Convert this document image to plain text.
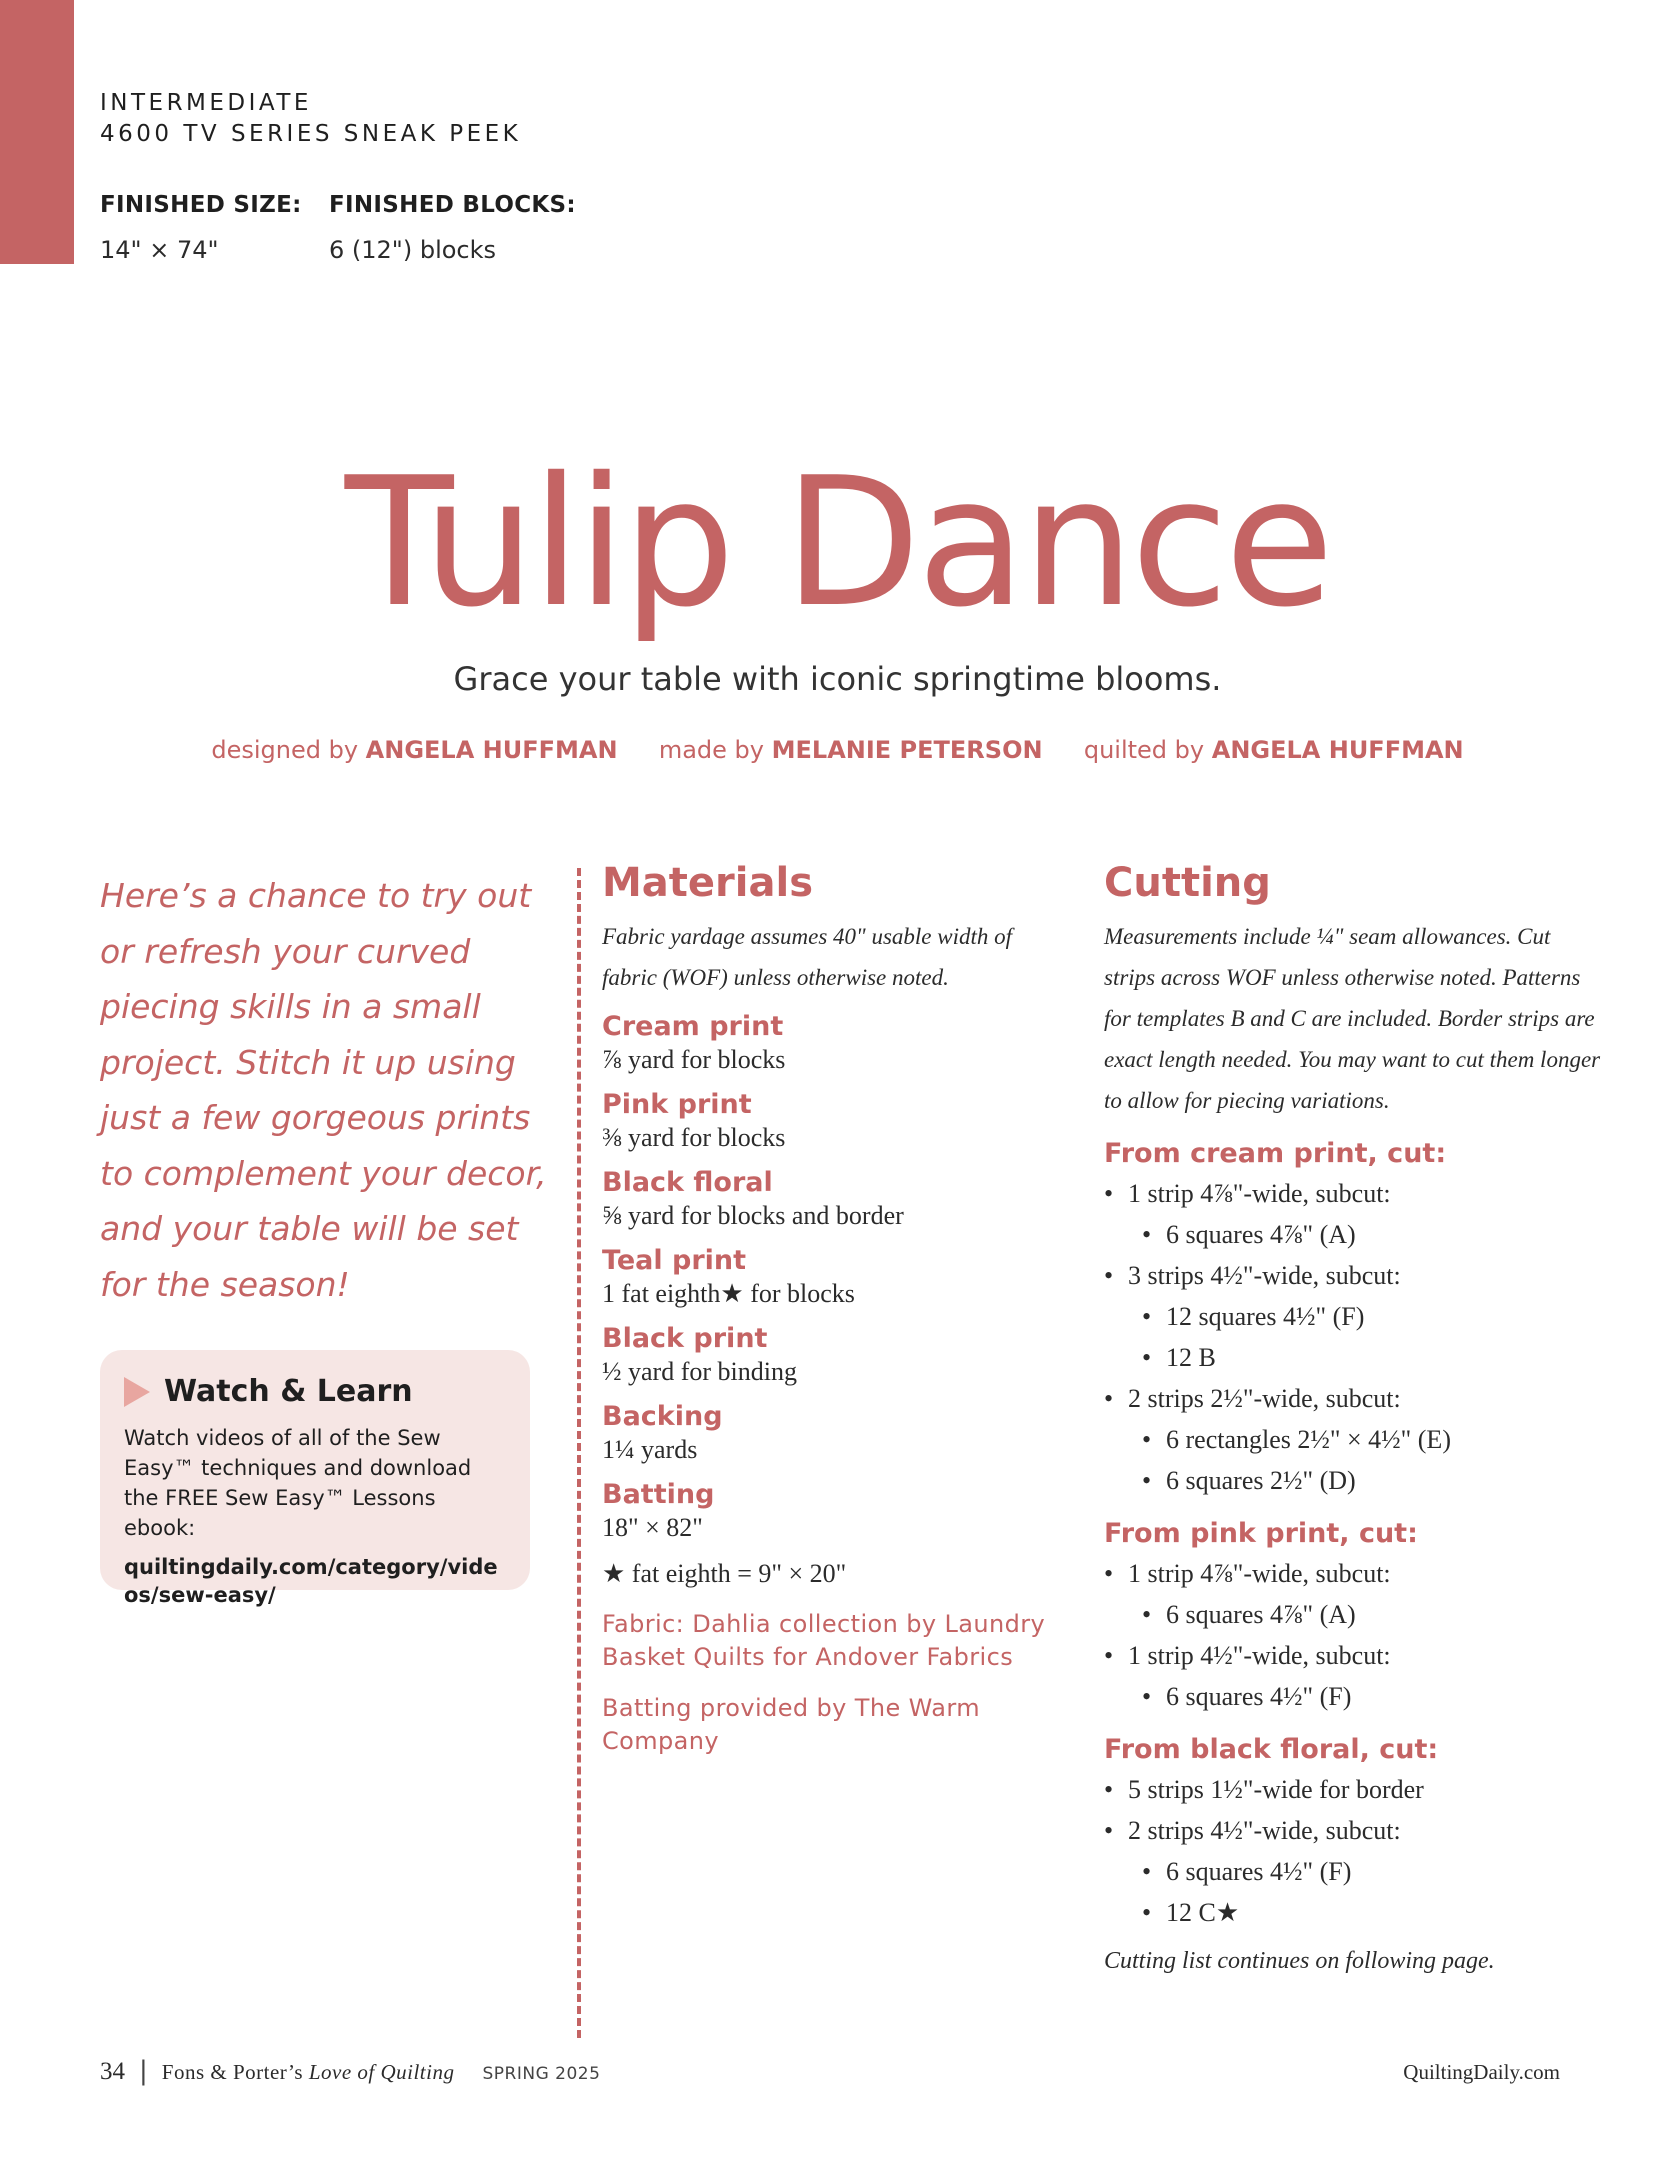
INTERMEDIATE
4600 TV SERIES SNEAK PEEK
FINISHED SIZE:
14" × 74"
FINISHED BLOCKS:
6 (12") blocks
Tulip Dance
Grace your table with iconic springtime blooms.
designed by ANGELA HUFFMAN made by MELANIE PETERSON quilted by ANGELA HUFFMAN
Here’s a chance to try out or refresh your curved piecing skills in a small project. Stitch it up using just a few gorgeous prints to complement your decor, and your table will be set for the season!
Watch & Learn
Watch videos of all of the Sew Easy™ techniques and download the FREE Sew Easy™ Lessons ebook:
quiltingdaily.com/category/videos/sew-easy/
Materials
Fabric yardage assumes 40" usable width of fabric (WOF) unless otherwise noted.
Cream print
⅞ yard for blocks
Pink print
⅜ yard for blocks
Black floral
⅝ yard for blocks and border
Teal print
1 fat eighth★ for blocks
Black print
½ yard for binding
Backing
1¼ yards
Batting
18" × 82"
★ fat eighth = 9" × 20"
Fabric: Dahlia collection by Laundry Basket Quilts for Andover Fabrics
Batting provided by The Warm Company
Cutting
Measurements include ¼" seam allowances. Cut strips across WOF unless otherwise noted. Patterns for templates B and C are included. Border strips are exact length needed. You may want to cut them longer to allow for piecing variations.
From cream print, cut:
• 1 strip 4⅞"-wide, subcut:
• 6 squares 4⅞" (A)
• 3 strips 4½"-wide, subcut:
• 12 squares 4½" (F)
• 12 B
• 2 strips 2½"-wide, subcut:
• 6 rectangles 2½" × 4½" (E)
• 6 squares 2½" (D)
From pink print, cut:
• 1 strip 4⅞"-wide, subcut:
• 6 squares 4⅞" (A)
• 1 strip 4½"-wide, subcut:
• 6 squares 4½" (F)
From black floral, cut:
• 5 strips 1½"-wide for border
• 2 strips 4½"-wide, subcut:
• 6 squares 4½" (F)
• 12 C★
Cutting list continues on following page.
34 | Fons & Porter’s Love of Quilting SPRING 2025	QuiltingDaily.com
